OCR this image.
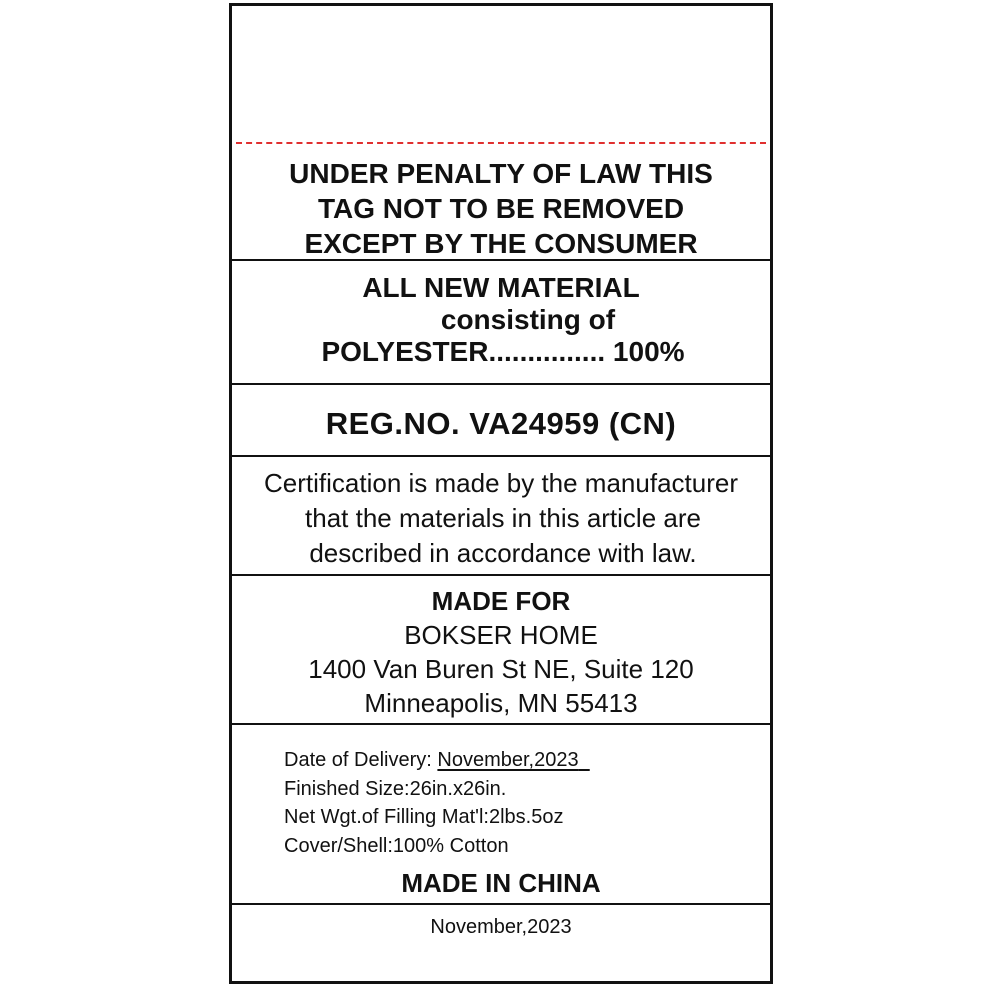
UNDER PENALTY OF LAW THIS
TAG NOT TO BE REMOVED
EXCEPT BY THE CONSUMER
ALL NEW MATERIAL
consisting of
POLYESTER............... 100%
REG.NO. VA24959 (CN)
Certification is made by the manufacturer
that the materials in this article are
described in accordance with law.
MADE FOR
BOKSER HOME
1400 Van Buren St NE, Suite 120
Minneapolis, MN 55413
Date of Delivery: November,2023
Finished Size:26in.x26in.
Net Wgt.of Filling Mat'l:2lbs.5oz
Cover/Shell:100% Cotton
MADE IN CHINA
November,2023
